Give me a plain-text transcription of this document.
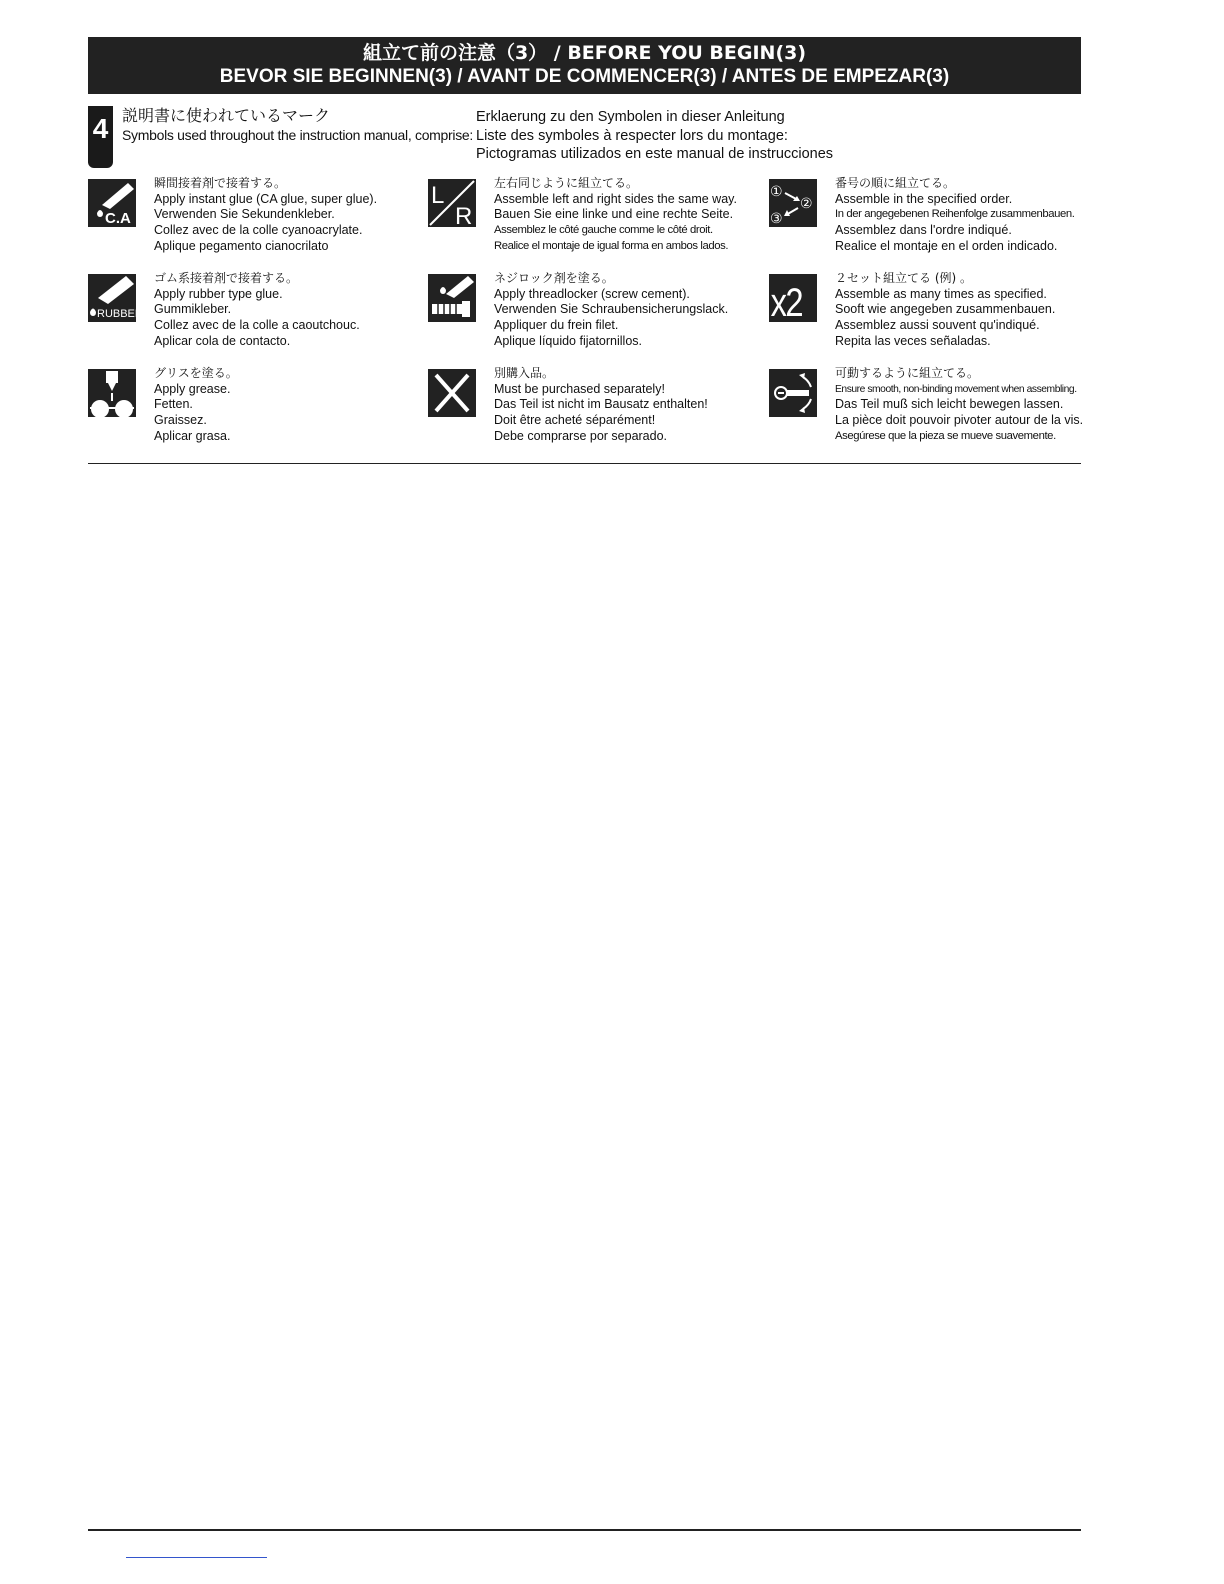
組立て前の注意（3） / BEFORE YOU BEGIN(3)
BEVOR SIE BEGINNEN(3) / AVANT DE COMMENCER(3) / ANTES DE EMPEZAR(3)
4 説明書に使われているマーク
Symbols used throughout the instruction manual, comprise:
Erklaerung zu den Symbolen in dieser Anleitung
Liste des symboles à respecter lors du montage:
Pictogramas utilizados en este manual de instrucciones
C.A
瞬間接着剤で接着する。
Apply instant glue (CA glue, super glue).
Verwenden Sie Sekundenkleber.
Collez avec de la colle cyanoacrylate.
Aplique pegamento cianocrilato
L
R
左右同じように組立てる。
Assemble left and right sides the same way.
Bauen Sie eine linke und eine rechte Seite.
Assemblez le côté gauche comme le côté droit.
Realice el montaje de igual forma en ambos lados.
①
②
③
番号の順に組立てる。
Assemble in the specified order.
In der angegebenen Reihenfolge zusammenbauen.
Assemblez dans l'ordre indiqué.
Realice el montaje en el orden indicado.
RUBBER
ゴム系接着剤で接着する。
Apply rubber type glue.
Gummikleber.
Collez avec de la colle a caoutchouc.
Aplicar cola de contacto.
ネジロック剤を塗る。
Apply threadlocker (screw cement).
Verwenden Sie Schraubensicherungslack.
Appliquer du frein filet.
Aplique líquido fijatornillos.
x2
２セット組立てる (例) 。
Assemble as many times as specified.
Sooft wie angegeben zusammenbauen.
Assemblez aussi souvent qu'indiqué.
Repita las veces señaladas.
グリスを塗る。
Apply grease.
Fetten.
Graissez.
Aplicar grasa.
別購入品。
Must be purchased separately!
Das Teil ist nicht im Bausatz enthalten!
Doit être acheté séparément!
Debe comprarse por separado.
可動するように組立てる。
Ensure smooth, non-binding movement when assembling.
Das Teil muß sich leicht bewegen lassen.
La pièce doit pouvoir pivoter autour de la vis.
Asegúrese que la pieza se mueve suavemente.
